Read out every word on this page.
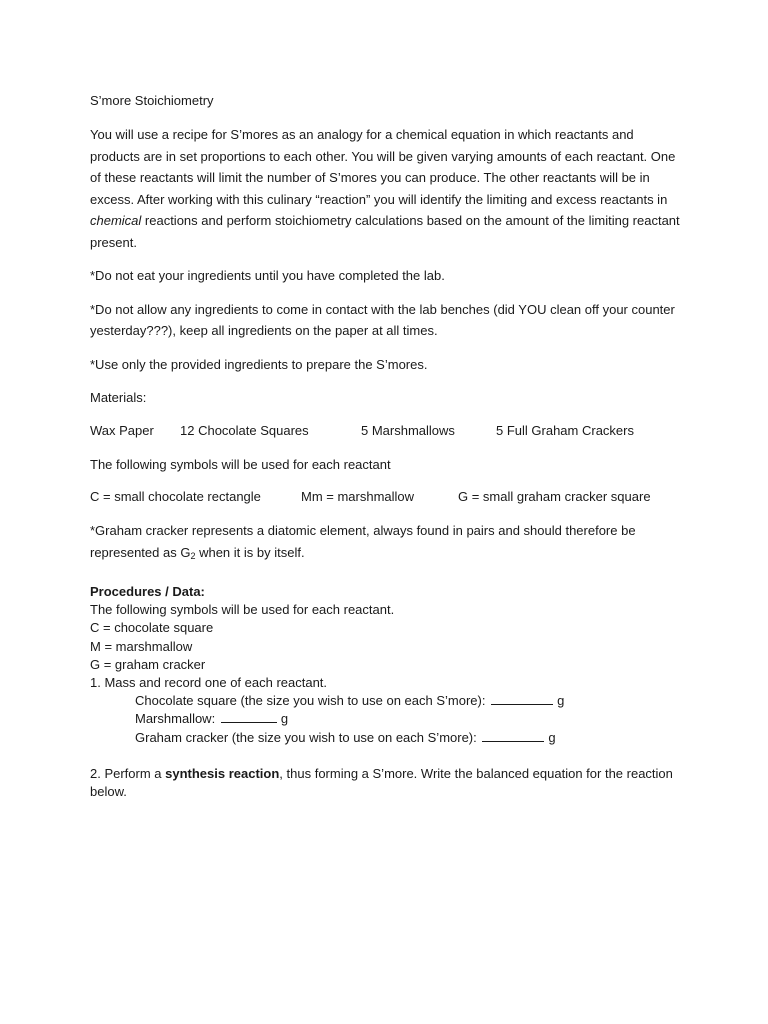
S’more Stoichiometry

You will use a recipe for S’mores as an analogy for a chemical equation in which reactants and products are in set proportions to each other. You will be given varying amounts of each reactant. One of these reactants will limit the number of S’mores you can produce. The other reactants will be in excess. After working with this culinary “reaction” you will identify the limiting and excess reactants in chemical reactions and perform stoichiometry calculations based on the amount of the limiting reactant present.

*Do not eat your ingredients until you have completed the lab.

*Do not allow any ingredients to come in contact with the lab benches (did YOU clean off your counter yesterday???), keep all ingredients on the paper at all times.

*Use only the provided ingredients to prepare the S’mores.

Materials:

Wax Paper 12 Chocolate Squares	5 Marshmallows	5 Full Graham Crackers

The following symbols will be used for each reactant

C = small chocolate rectangle	Mm = marshmallow	G = small graham cracker square

*Graham cracker represents a diatomic element, always found in pairs and should therefore be represented as $G_2$ when it is by itself.

Procedures / Data:

The following symbols will be used for each reactant.

C = chocolate square

M = marshmallow

G = graham cracker

1. Mass and record one of each reactant.

Chocolate square (the size you wish to use on each S’more):	g

Marshmallow:	g

Graham cracker (the size you wish to use on each S’more):	g

2. Perform a synthesis reaction, thus forming a S’more. Write the balanced equation for the reaction below.
